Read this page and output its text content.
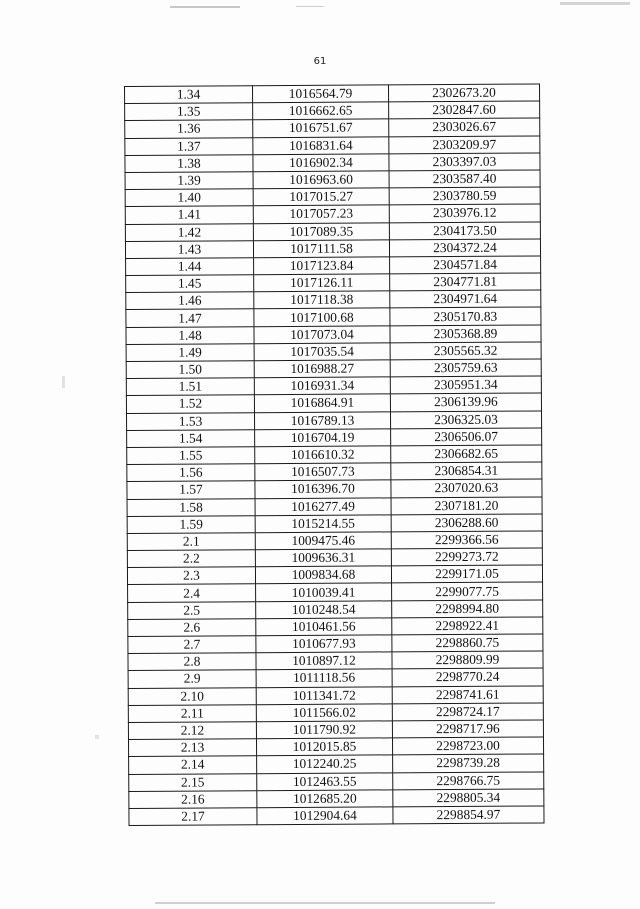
61
1.34	1016564.79	2302673.20
1.35	1016662.65	2302847.60
1.36	1016751.67	2303026.67
1.37	1016831.64	2303209.97
1.38	1016902.34	2303397.03
1.39	1016963.60	2303587.40
1.40	1017015.27	2303780.59
1.41	1017057.23	2303976.12
1.42	1017089.35	2304173.50
1.43	1017111.58	2304372.24
1.44	1017123.84	2304571.84
1.45	1017126.11	2304771.81
1.46	1017118.38	2304971.64
1.47	1017100.68	2305170.83
1.48	1017073.04	2305368.89
1.49	1017035.54	2305565.32
1.50	1016988.27	2305759.63
1.51	1016931.34	2305951.34
1.52	1016864.91	2306139.96
1.53	1016789.13	2306325.03
1.54	1016704.19	2306506.07
1.55	1016610.32	2306682.65
1.56	1016507.73	2306854.31
1.57	1016396.70	2307020.63
1.58	1016277.49	2307181.20
1.59	1015214.55	2306288.60
2.1	1009475.46	2299366.56
2.2	1009636.31	2299273.72
2.3	1009834.68	2299171.05
2.4	1010039.41	2299077.75
2.5	1010248.54	2298994.80
2.6	1010461.56	2298922.41
2.7	1010677.93	2298860.75
2.8	1010897.12	2298809.99
2.9	1011118.56	2298770.24
2.10	1011341.72	2298741.61
2.11	1011566.02	2298724.17
2.12	1011790.92	2298717.96
2.13	1012015.85	2298723.00
2.14	1012240.25	2298739.28
2.15	1012463.55	2298766.75
2.16	1012685.20	2298805.34
2.17	1012904.64	2298854.97
